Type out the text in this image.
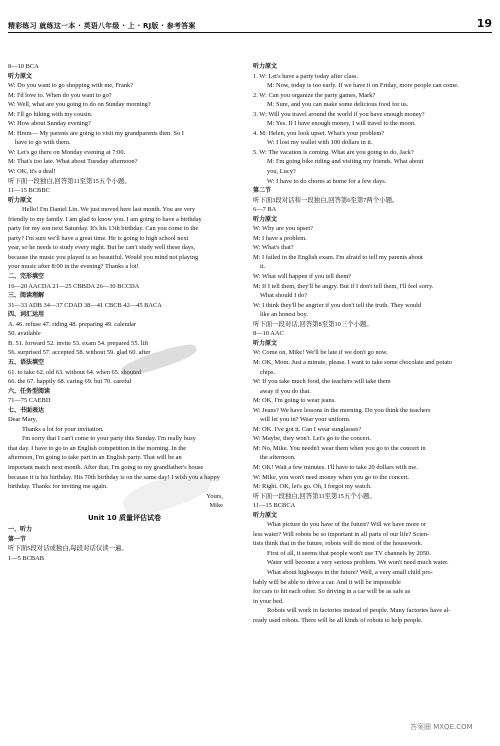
精彩练习 就练这一本 · 英语八年级 · 上 · RJ版 · 参考答案	19
8—10 BCA
听力原文
W: Do you want to go shopping with me, Frank?
M: I'd love to. When do you want to go?
W: Well, what are you going to do on Sunday morning?
M: I'll go hiking with my cousin.
W: How about Sunday evening?
M: Hmm— My parents are going to visit my grandparents then. So I
have to go with them.
W: Let's go there on Monday evening at 7:00.
M: That's too late. What about Tuesday afternoon?
W: OK, it's a deal!
听下面一段独白,回答第11至第15五个小题。
11—15 BCBBC
听力原文
Hello! I'm Daniel Lin. We just moved here last month. You are very
friendly to my family. I am glad to know you. I am going to have a birthday
party for my son next Saturday. It's his 13th birthday. Can you come to the
party? I'm sure we'll have a great time. He is going to high school next
year, so he needs to study every night. But he can't study well these days,
because the music you played is so beautiful. Would you mind not playing
your music after 8:00 in the evening? Thanks a lot!
二、完形填空
16—20 AACDA 21—25 CBBDA 26—30 BCCDA
三、阅读理解
31—33 ADB 34—37 CDAD 38—41 CBCB 42—45 BACA
四、词汇运用
A. 46. refuse 47. riding 48. preparing 49. calendar
50. available
B. 51. forward 52. invite 53. exam 54. prepared 55. lift
56. surprised 57. accepted 58. without 59. glad 60. after
五、语法填空
61. to take 62. old 63. without 64. when 65. shouted
66. the 67. happily 68. caring 69. but 70. careful
六、任务型阅读
71—75 CAEBD
七、书面表达
Dear Mary,
Thanks a lot for your invitation.
I'm sorry that I can't come to your party this Sunday. I'm really busy
that day. I have to go to an English competition in the morning. In the
afternoon, I'm going to take part in an English party. That will be an
important match next month. After that, I'm going to my grandfather's house
because it is his birthday. His 70th birthday is on the same day! I wish you a happy
birthday. Thanks for inviting me again.
Yours,
Mike
Unit 10 质量评估试卷
一、听力
第一节
听下面5段对话或独白,每段对话仅读一遍。
1—5 BCBAB
听力原文
1. W: Let's have a party today after class.
M: Now, today is too early. If we have it on Friday, more people can come.
2. W: Can you organize the party games, Mark?
M: Sure, and you can make some delicious food for us.
3. W: Will you travel around the world if you have enough money?
M: Yes. If I have enough money, I will travel to the moon.
4. M: Helen, you look upset. What's your problem?
W: I lost my wallet with 100 dollars in it.
5. W: The vacation is coming. What are you going to do, Jack?
M: I'm going bike riding and visiting my friends. What about
you, Lucy?
W: I have to do chores at home for a few days.
第二节
听下面3段对话和一段独白,回答第6至第7两个小题。
6—7 BA
听力原文
W: Why are you upset?
M: I have a problem.
W: What's that?
M: I failed in the English exam. I'm afraid to tell my parents about
it.
W: What will happen if you tell them?
M: If I tell them, they'll be angry. But if I don't tell them, I'll feel sorry.
What should I do?
W: I think they'll be angrier if you don't tell the truth. They would
like an honest boy.
听下面一段对话,回答第8至第10三个小题。
8—10 AAC
听力原文
W: Come on, Mike! We'll be late if we don't go now.
M: OK, Mom. Just a minute, please. I want to take some chocolate and potato
chips.
W: If you take much food, the teachers will take them
away if you do that.
M: OK, I'm going to wear jeans.
W: Jeans? We have lessons in the morning. Do you think the teachers
will let you in? Wear your uniform.
M: OK. I've got it. Can I wear sunglasses?
W: Maybe, they won't. Let's go to the concert.
M: No, Mike. You needn't wear them when you go to the concert in
the afternoon.
M: OK! Wait a few minutes. I'll have to take 20 dollars with me.
W: Mike, you won't need money when you go to the concert.
M: Right. OK, let's go. Oh, I forgot my watch.
听下面一段独白,回答第11至第15五个小题。
11—15 BCBCA
听力原文
What picture do you have of the future? Will we have more or
less water? Will robots be so important in all parts of our life? Scien-
tists think that in the future, robots will do most of the housework.
First of all, it seems that people won't use TV channels by 2050.
Water will become a very serious problem. We won't need much water.
What about highways in the future? Well, a very small child pro-
bably will be able to drive a car. And it will be impossible
for cars to hit each other. So driving in a car will be as safe as
in your bed.
Robots will work in factories instead of people. Many factories have al-
ready used robots. There will be all kinds of robots to help people.
答案圈 MXQE.COM
